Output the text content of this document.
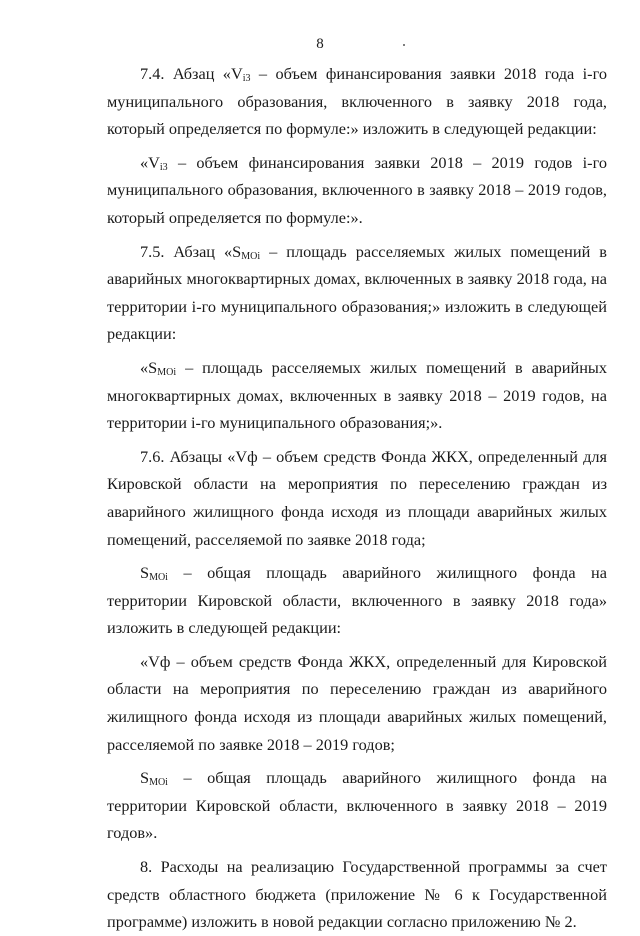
8

7.4. Абзац «$V_{i3}$ – объем финансирования заявки 2018 года i-го муниципального образования, включенного в заявку 2018 года, который определяется по формуле:» изложить в следующей редакции:

«$V_{i3}$ – объем финансирования заявки 2018 – 2019 годов i-го муниципального образования, включенного в заявку 2018 – 2019 годов, который определяется по формуле:».

7.5. Абзац «$S_{MOi}$ – площадь расселяемых жилых помещений в аварийных многоквартирных домах, включенных в заявку 2018 года, на территории i-го муниципального образования;» изложить в следующей редакции:

«$S_{MOi}$ – площадь расселяемых жилых помещений в аварийных многоквартирных домах, включенных в заявку 2018 – 2019 годов, на территории i-го муниципального образования;».

7.6. Абзацы «Vф – объем средств Фонда ЖКХ, определенный для Кировской области на мероприятия по переселению граждан из аварийного жилищного фонда исходя из площади аварийных жилых помещений, расселяемой по заявке 2018 года;

$S_{MOi}$ – общая площадь аварийного жилищного фонда на территории Кировской области, включенного в заявку 2018 года» изложить в следующей редакции:

«Vф – объем средств Фонда ЖКХ, определенный для Кировской области на мероприятия по переселению граждан из аварийного жилищного фонда исходя из площади аварийных жилых помещений, расселяемой по заявке 2018 – 2019 годов;

$S_{MOi}$ – общая площадь аварийного жилищного фонда на территории Кировской области, включенного в заявку 2018 – 2019 годов».

8. Расходы на реализацию Государственной программы за счет средств областного бюджета (приложение № 6 к Государственной программе) изложить в новой редакции согласно приложению № 2.
